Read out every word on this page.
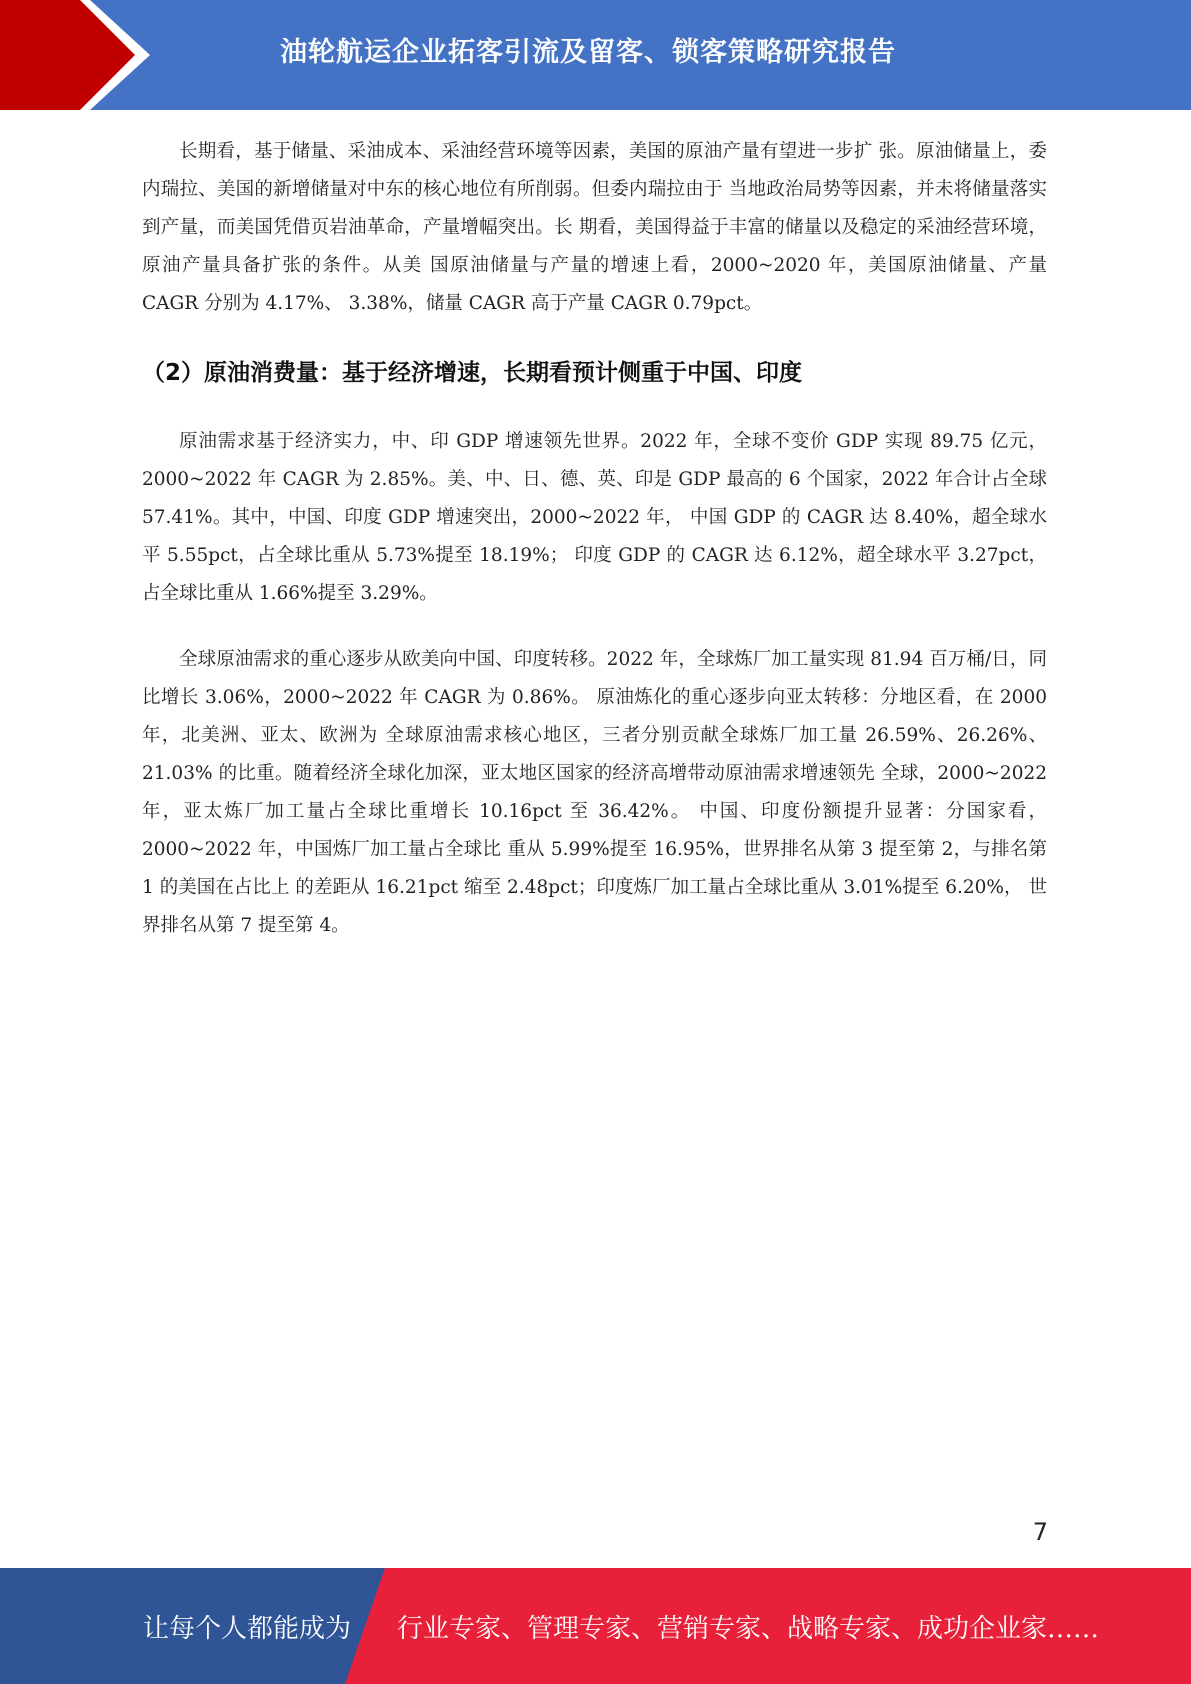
油轮航运企业拓客引流及留客、锁客策略研究报告

长期看，基于储量、采油成本、采油经营环境等因素，美国的原油产量有望进一步扩 张。原油储量上，委内瑞拉、美国的新增储量对中东的核心地位有所削弱。但委内瑞拉由于 当地政治局势等因素，并未将储量落实到产量，而美国凭借页岩油革命，产量增幅突出。长 期看，美国得益于丰富的储量以及稳定的采油经营环境，原油产量具备扩张的条件。从美 国原油储量与产量的增速上看，2000~2020 年，美国原油储量、产量 CAGR 分别为 4.17%、 3.38%，储量 CAGR 高于产量 CAGR 0.79pct。

（2）原油消费量：基于经济增速，长期看预计侧重于中国、印度

原油需求基于经济实力，中、印 GDP 增速领先世界。2022 年，全球不变价 GDP 实现 89.75 亿元，2000~2022 年 CAGR 为 2.85%。美、中、日、德、英、印是 GDP 最高的 6 个国家，2022 年合计占全球 57.41%。其中，中国、印度 GDP 增速突出，2000~2022 年， 中国 GDP 的 CAGR 达 8.40%，超全球水平 5.55pct，占全球比重从 5.73%提至 18.19%； 印度 GDP 的 CAGR 达 6.12%，超全球水平 3.27pct，占全球比重从 1.66%提至 3.29%。

全球原油需求的重心逐步从欧美向中国、印度转移。2022 年，全球炼厂加工量实现 81.94 百万桶/日，同比增长 3.06%，2000~2022 年 CAGR 为 0.86%。 原油炼化的重心逐步向亚太转移：分地区看，在 2000 年，北美洲、亚太、欧洲为 全球原油需求核心地区，三者分别贡献全球炼厂加工量 26.59%、26.26%、21.03% 的比重。随着经济全球化加深，亚太地区国家的经济高增带动原油需求增速领先 全球，2000~2022 年，亚太炼厂加工量占全球比重增长 10.16pct 至 36.42%。 中国、印度份额提升显著：分国家看，2000~2022 年，中国炼厂加工量占全球比 重从 5.99%提至 16.95%，世界排名从第 3 提至第 2，与排名第 1 的美国在占比上 的差距从 16.21pct 缩至 2.48pct；印度炼厂加工量占全球比重从 3.01%提至 6.20%， 世界排名从第 7 提至第 4。

7
让每个人都能成为 行业专家、管理专家、营销专家、战略专家、成功企业家……
